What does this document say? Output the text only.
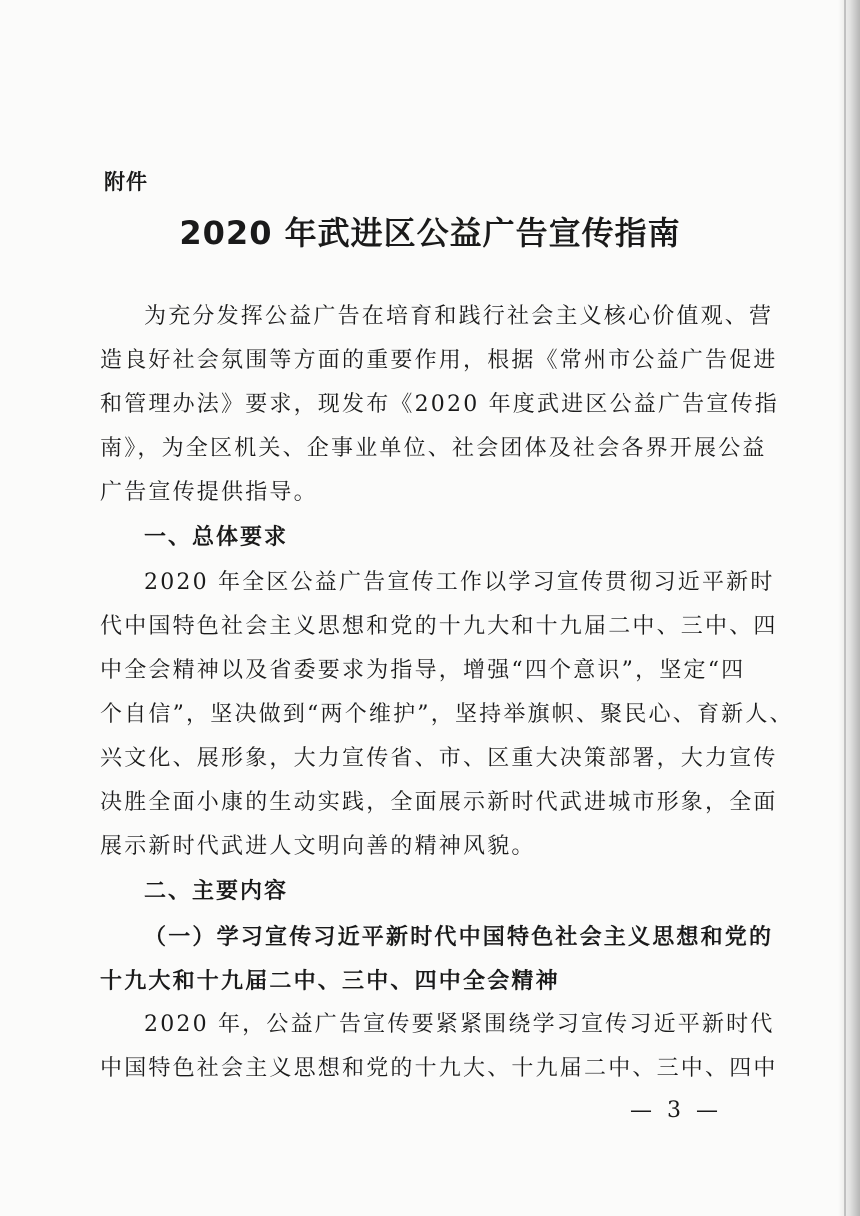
附件
2020 年武进区公益广告宣传指南
为充分发挥公益广告在培育和践行社会主义核心价值观、营
造良好社会氛围等方面的重要作用，根据《常州市公益广告促进
和管理办法》要求，现发布《2020 年度武进区公益广告宣传指
南》，为全区机关、企事业单位、社会团体及社会各界开展公益
广告宣传提供指导。
一、总体要求
2020 年全区公益广告宣传工作以学习宣传贯彻习近平新时
代中国特色社会主义思想和党的十九大和十九届二中、三中、四
中全会精神以及省委要求为指导，增强“四个意识”，坚定“四
个自信”，坚决做到“两个维护”，坚持举旗帜、聚民心、育新人、
兴文化、展形象，大力宣传省、市、区重大决策部署，大力宣传
决胜全面小康的生动实践，全面展示新时代武进城市形象，全面
展示新时代武进人文明向善的精神风貌。
二、主要内容
（一）学习宣传习近平新时代中国特色社会主义思想和党的
十九大和十九届二中、三中、四中全会精神
2020 年，公益广告宣传要紧紧围绕学习宣传习近平新时代
中国特色社会主义思想和党的十九大、十九届二中、三中、四中
— 3 —
